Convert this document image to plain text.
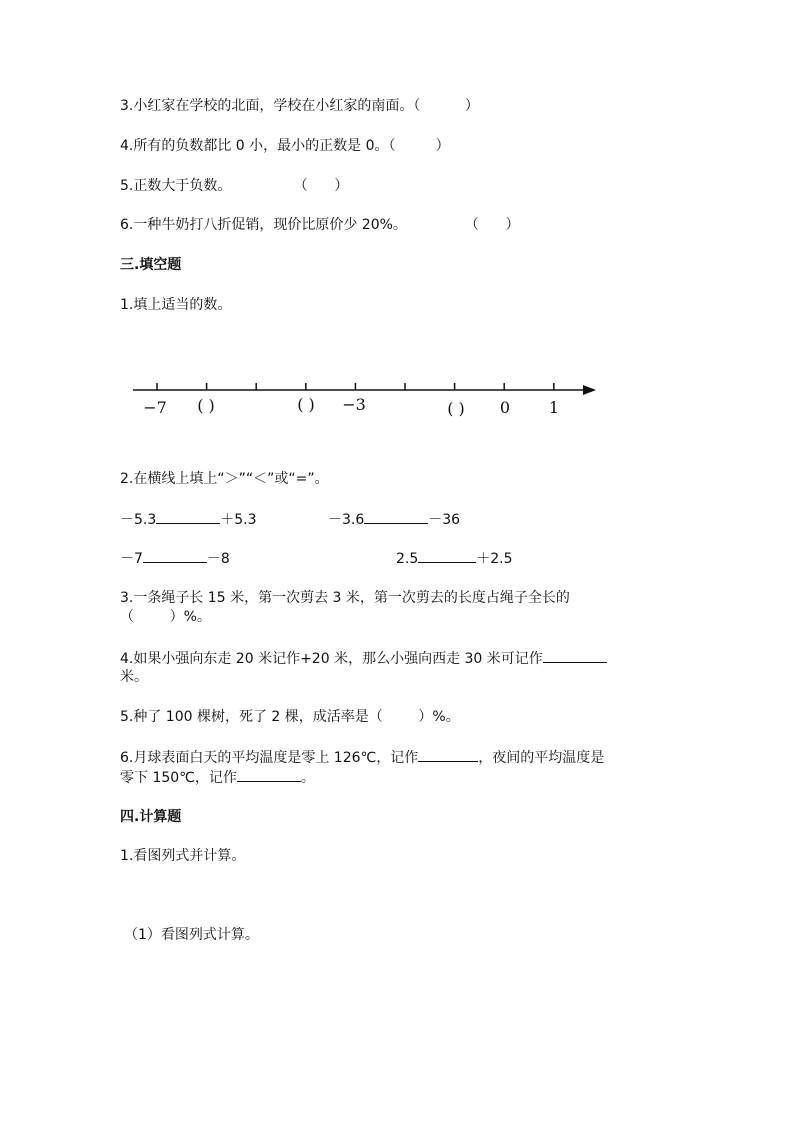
3.小红家在学校的北面，学校在小红家的南面。（          ）
4.所有的负数都比 0 小，最小的正数是 0。（         ）
5.正数大于负数。              （      ）
6.一种牛奶打八折促销，现价比原价少 20%。             （      ）
三.填空题
1.填上适当的数。
−7 ( )	( ) −3	( ) 0 1
2.在横线上填上“＞”“＜”或“=”。
－5.3	＋5.3	－3.6	－36
－7	－8	2.5	＋2.5
3.一条绳子长 15 米，第一次剪去 3 米，第一次剪去的长度占绳子全长的
（        ）%。
4.如果小强向东走 20 米记作+20 米，那么小强向西走 30 米可记作
米。
5.种了 100 棵树，死了 2 棵，成活率是（        ）%。
6.月球表面白天的平均温度是零上 126℃，记作	，夜间的平均温度是
零下 150℃，记作	。
四.计算题
1.看图列式并计算。
（1）看图列式计算。
